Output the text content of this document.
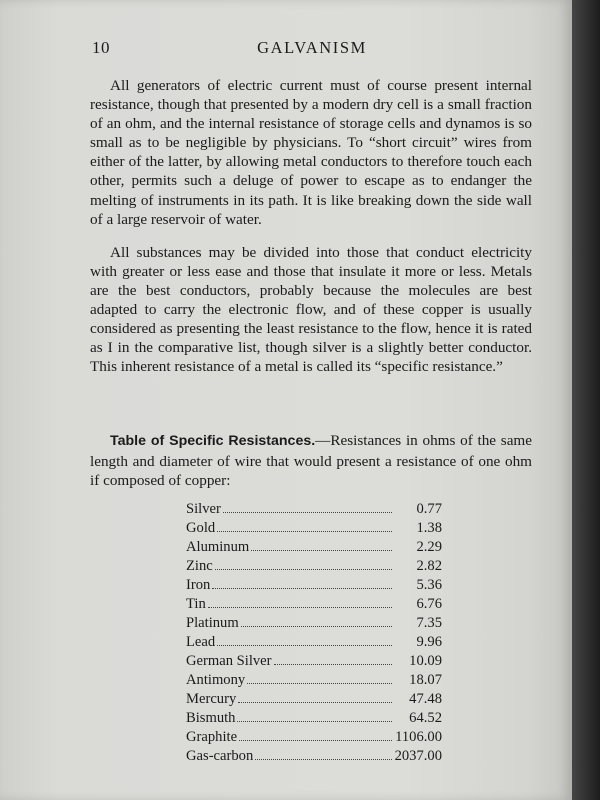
10	GALVANISM

All generators of electric current must of course present internal resistance, though that presented by a modern dry cell is a small fraction of an ohm, and the internal resistance of storage cells and dynamos is so small as to be negligible by physicians. To “short circuit” wires from either of the latter, by allowing metal conductors to therefore touch each other, permits such a deluge of power to escape as to endanger the melting of instruments in its path. It is like breaking down the side wall of a large reservoir of water.

All substances may be divided into those that conduct electricity with greater or less ease and those that insulate it more or less. Metals are the best conductors, probably because the molecules are best adapted to carry the electronic flow, and of these copper is usually considered as presenting the least resistance to the flow, hence it is rated as I in the comparative list, though silver is a slightly better conductor. This inherent resistance of a metal is called its “specific resistance.”

Table of Specific Resistances.—Resistances in ohms of the same length and diameter of wire that would present a resistance of one ohm if composed of copper:
Silver	0.77
Gold	1.38
Aluminum	2.29
Zinc	2.82
Iron	5.36
Tin	6.76
Platinum	7.35
Lead	9.96
German Silver	10.09
Antimony	18.07
Mercury	47.48
Bismuth	64.52
Graphite	1106.00
Gas-carbon	2037.00
